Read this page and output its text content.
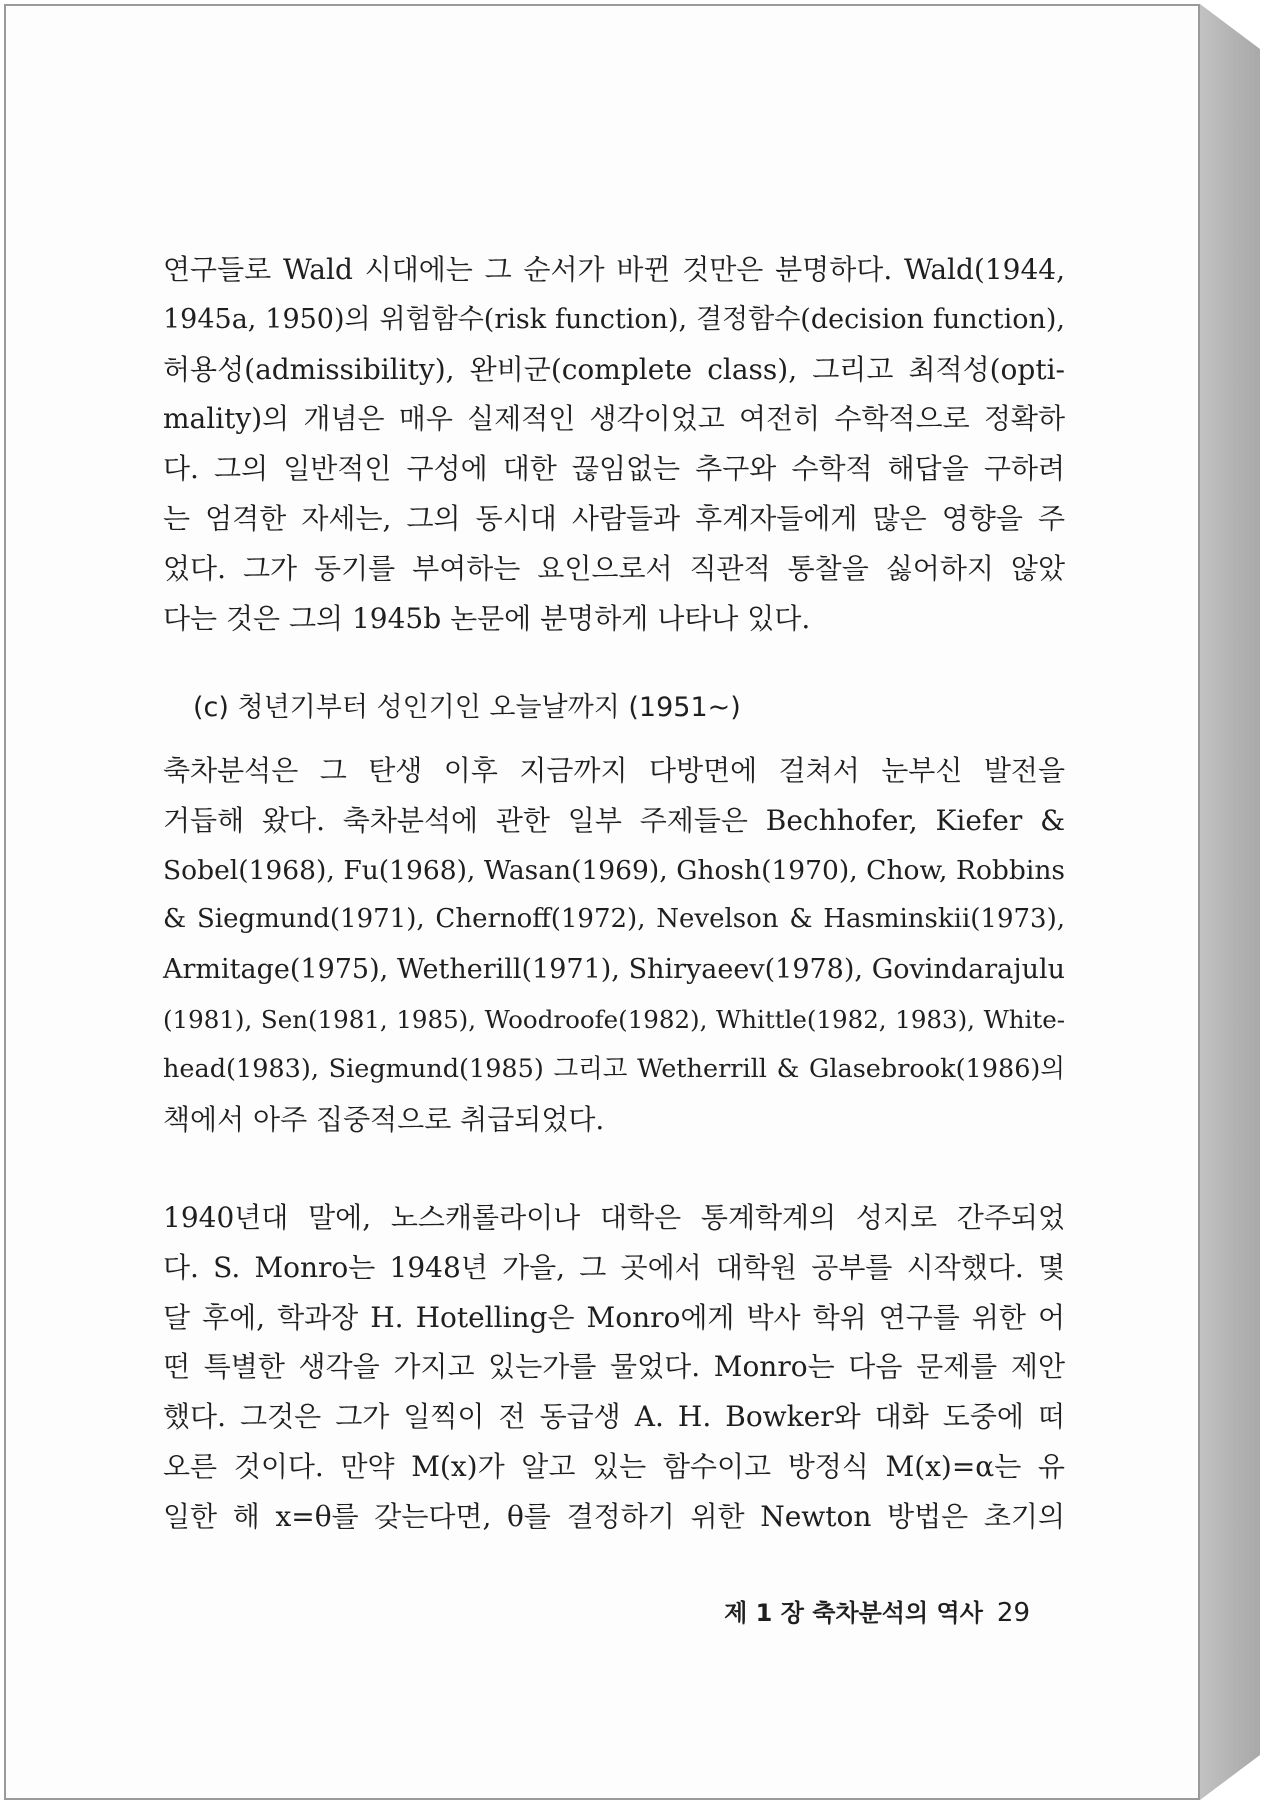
연구들로 Wald 시대에는 그 순서가 바뀐 것만은 분명하다. Wald(1944,
1945a, 1950)의 위험함수(risk function), 결정함수(decision function),
허용성(admissibility), 완비군(complete class), 그리고 최적성(opti-
mality)의 개념은 매우 실제적인 생각이었고 여전히 수학적으로 정확하
다. 그의 일반적인 구성에 대한 끊임없는 추구와 수학적 해답을 구하려
는 엄격한 자세는, 그의 동시대 사람들과 후계자들에게 많은 영향을 주
었다. 그가 동기를 부여하는 요인으로서 직관적 통찰을 싫어하지 않았
다는 것은 그의 1945b 논문에 분명하게 나타나 있다.
(c) 청년기부터 성인기인 오늘날까지 (1951~)
축차분석은 그 탄생 이후 지금까지 다방면에 걸쳐서 눈부신 발전을
거듭해 왔다. 축차분석에 관한 일부 주제들은 Bechhofer, Kiefer &
Sobel(1968), Fu(1968), Wasan(1969), Ghosh(1970), Chow, Robbins
& Siegmund(1971), Chernoff(1972), Nevelson & Hasminskii(1973),
Armitage(1975), Wetherill(1971), Shiryaeev(1978), Govindarajulu
(1981), Sen(1981, 1985), Woodroofe(1982), Whittle(1982, 1983), White-
head(1983), Siegmund(1985) 그리고 Wetherrill & Glasebrook(1986)의
책에서 아주 집중적으로 취급되었다.
1940년대 말에, 노스캐롤라이나 대학은 통계학계의 성지로 간주되었
다. S. Monro는 1948년 가을, 그 곳에서 대학원 공부를 시작했다. 몇
달 후에, 학과장 H. Hotelling은 Monro에게 박사 학위 연구를 위한 어
떤 특별한 생각을 가지고 있는가를 물었다. Monro는 다음 문제를 제안
했다. 그것은 그가 일찍이 전 동급생 A. H. Bowker와 대화 도중에 떠
오른 것이다. 만약 M(x)가 알고 있는 함수이고 방정식 M(x)=α는 유
일한 해 x=θ를 갖는다면, θ를 결정하기 위한 Newton 방법은 초기의
제 1 장 축차분석의 역사 29
